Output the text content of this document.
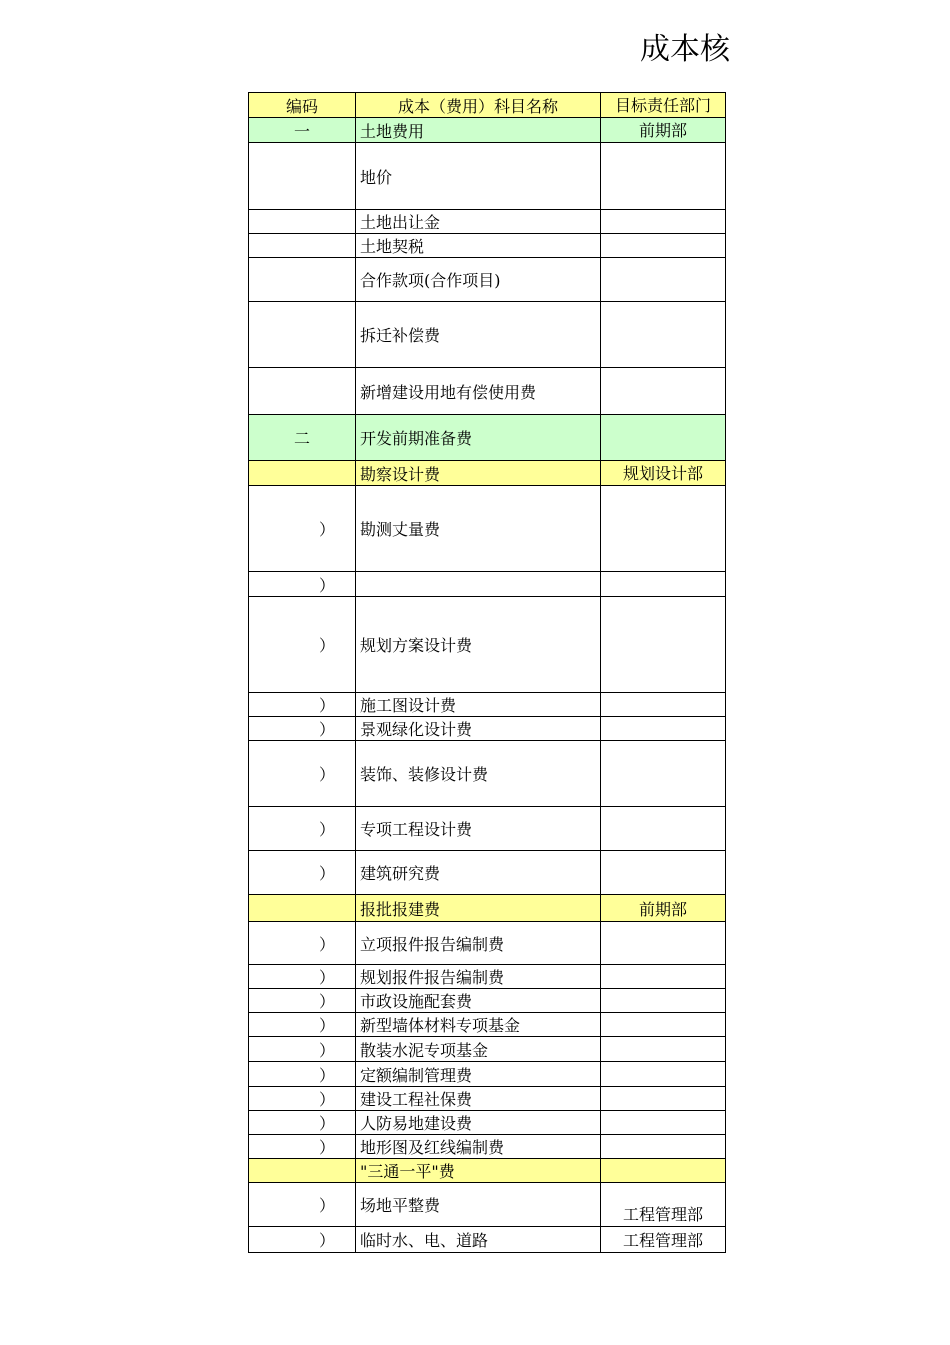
成本核
编码	成本（费用）科目名称	目标责任部门
一	土地费用	前期部
	地价	
	土地出让金	
	土地契税	
	合作款项(合作项目)	
	拆迁补偿费	
	新增建设用地有偿使用费	
二	开发前期准备费	
	勘察设计费	规划设计部
）	勘测丈量费	
）		
）	规划方案设计费	
）	施工图设计费	
）	景观绿化设计费	
）	装饰、装修设计费	
）	专项工程设计费	
）	建筑研究费	
	报批报建费	前期部
）	立项报件报告编制费	
）	规划报件报告编制费	
）	市政设施配套费	
）	新型墙体材料专项基金	
）	散装水泥专项基金	
）	定额编制管理费	
）	建设工程社保费	
）	人防易地建设费	
）	地形图及红线编制费	
	"三通一平"费	
）	场地平整费	工程管理部
）	临时水、电、道路	工程管理部
